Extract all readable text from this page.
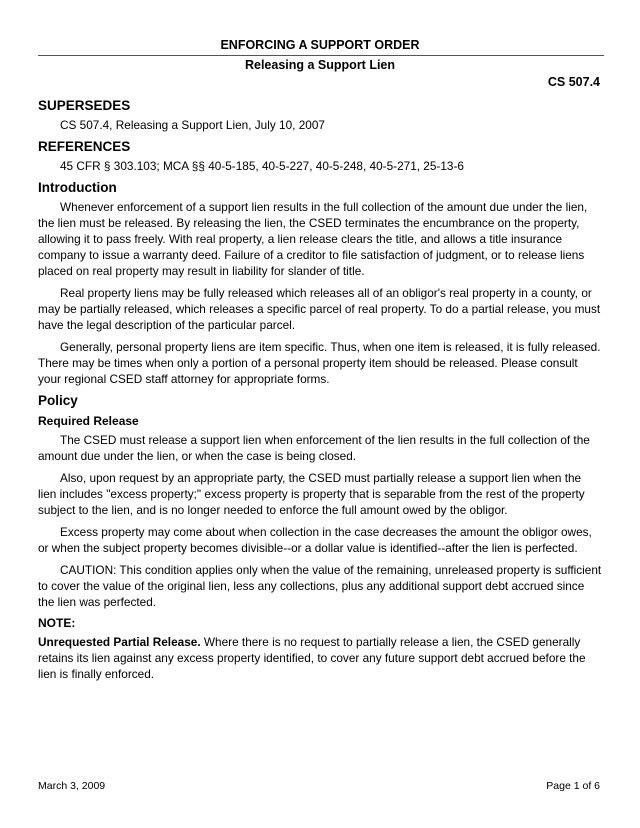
ENFORCING A SUPPORT ORDER
Releasing a Support Lien
CS 507.4
SUPERSEDES

CS 507.4, Releasing a Support Lien, July 10, 2007

REFERENCES

45 CFR § 303.103; MCA §§ 40-5-185, 40-5-227, 40-5-248, 40-5-271, 25-13-6

Introduction

Whenever enforcement of a support lien results in the full collection of the amount due under the lien, the lien must be released. By releasing the lien, the CSED terminates the encumbrance on the property, allowing it to pass freely. With real property, a lien release clears the title, and allows a title insurance company to issue a warranty deed. Failure of a creditor to file satisfaction of judgment, or to release liens placed on real property may result in liability for slander of title.

Real property liens may be fully released which releases all of an obligor's real property in a county, or may be partially released, which releases a specific parcel of real property. To do a partial release, you must have the legal description of the particular parcel.

Generally, personal property liens are item specific. Thus, when one item is released, it is fully released. There may be times when only a portion of a personal property item should be released. Please consult your regional CSED staff attorney for appropriate forms.

Policy
Required Release

The CSED must release a support lien when enforcement of the lien results in the full collection of the amount due under the lien, or when the case is being closed.

Also, upon request by an appropriate party, the CSED must partially release a support lien when the lien includes "excess property;" excess property is property that is separable from the rest of the property subject to the lien, and is no longer needed to enforce the full amount owed by the obligor.

Excess property may come about when collection in the case decreases the amount the obligor owes, or when the subject property becomes divisible--or a dollar value is identified--after the lien is perfected.

CAUTION: This condition applies only when the value of the remaining, unreleased property is sufficient to cover the value of the original lien, less any collections, plus any additional support debt accrued since the lien was perfected.

NOTE:

Unrequested Partial Release. Where there is no request to partially release a lien, the CSED generally retains its lien against any excess property identified, to cover any future support debt accrued before the lien is finally enforced.

March 3, 2009	Page 1 of 6
